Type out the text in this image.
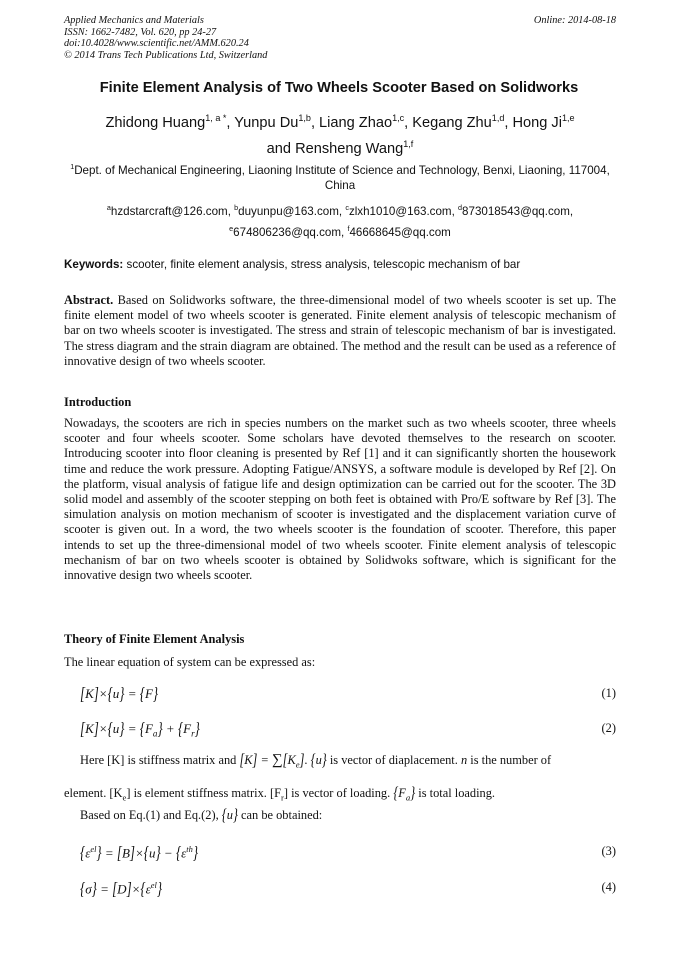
Applied Mechanics and Materials
ISSN: 1662-7482, Vol. 620, pp 24-27
doi:10.4028/www.scientific.net/AMM.620.24
© 2014 Trans Tech Publications Ltd, Switzerland
Online: 2014-08-18
Finite Element Analysis of Two Wheels Scooter Based on Solidworks
Zhidong Huang$^{1, a *}$, Yunpu Du$^{1,b}$, Liang Zhao$^{1,c}$, Kegang Zhu$^{1,d}$, Hong Ji$^{1,e}$
and Rensheng Wang$^{1,f}$
$^1$Dept. of Mechanical Engineering, Liaoning Institute of Science and Technology, Benxi, Liaoning, 117004, China
$^a$hzdstarcraft@126.com, $^b$duyunpu@163.com, $^c$zlxh1010@163.com, $^d$873018543@qq.com,
$^e$674806236@qq.com, $^f$46668645@qq.com
Keywords: scooter, finite element analysis, stress analysis, telescopic mechanism of bar
Abstract. Based on Solidworks software, the three-dimensional model of two wheels scooter is set up. The finite element model of two wheels scooter is generated. Finite element analysis of telescopic mechanism of bar on two wheels scooter is investigated. The stress and strain of telescopic mechanism of bar is investigated. The stress diagram and the strain diagram are obtained. The method and the result can be used as a reference of innovative design of two wheels scooter.
Introduction
Nowadays, the scooters are rich in species numbers on the market such as two wheels scooter, three wheels scooter and four wheels scooter. Some scholars have devoted themselves to the research on scooter. Introducing scooter into floor cleaning is presented by Ref [1] and it can significantly shorten the housework time and reduce the work pressure. Adopting Fatigue/ANSYS, a software module is developed by Ref [2]. On the platform, visual analysis of fatigue life and design optimization can be carried out for the scooter. The 3D solid model and assembly of the scooter stepping on both feet is obtained with Pro/E software by Ref [3]. The simulation analysis on motion mechanism of scooter is investigated and the displacement variation curve of scooter is given out. In a word, the two wheels scooter is the foundation of scooter. Therefore, this paper intends to set up the three-dimensional model of two wheels scooter. Finite element analysis of telescopic mechanism of bar on two wheels scooter is obtained by Solidwoks software, which is significant for the innovative design two wheels scooter.
Theory of Finite Element Analysis
The linear equation of system can be expressed as:
[K]×{u} = {F}	(1)
$[K]\times\{u\} = \{F_a\} + \{F_r\}$	(2)
Here [K] is stiffness matrix and $[K] = \sum[K_e]$. {u} is vector of diaplacement. n is the number of
element. $[K_e]$ is element stiffness matrix. $[F_r]$ is vector of loading. $\{F_a\}$ is total loading.
Based on Eq.(1) and Eq.(2), {u} can be obtained:
$\{\varepsilon^{el}\} = [B]\times\{u\} - \{\varepsilon^{th}\}$	(3)
$\{\sigma\} = [D]\times\{\varepsilon^{el}\}$	(4)
